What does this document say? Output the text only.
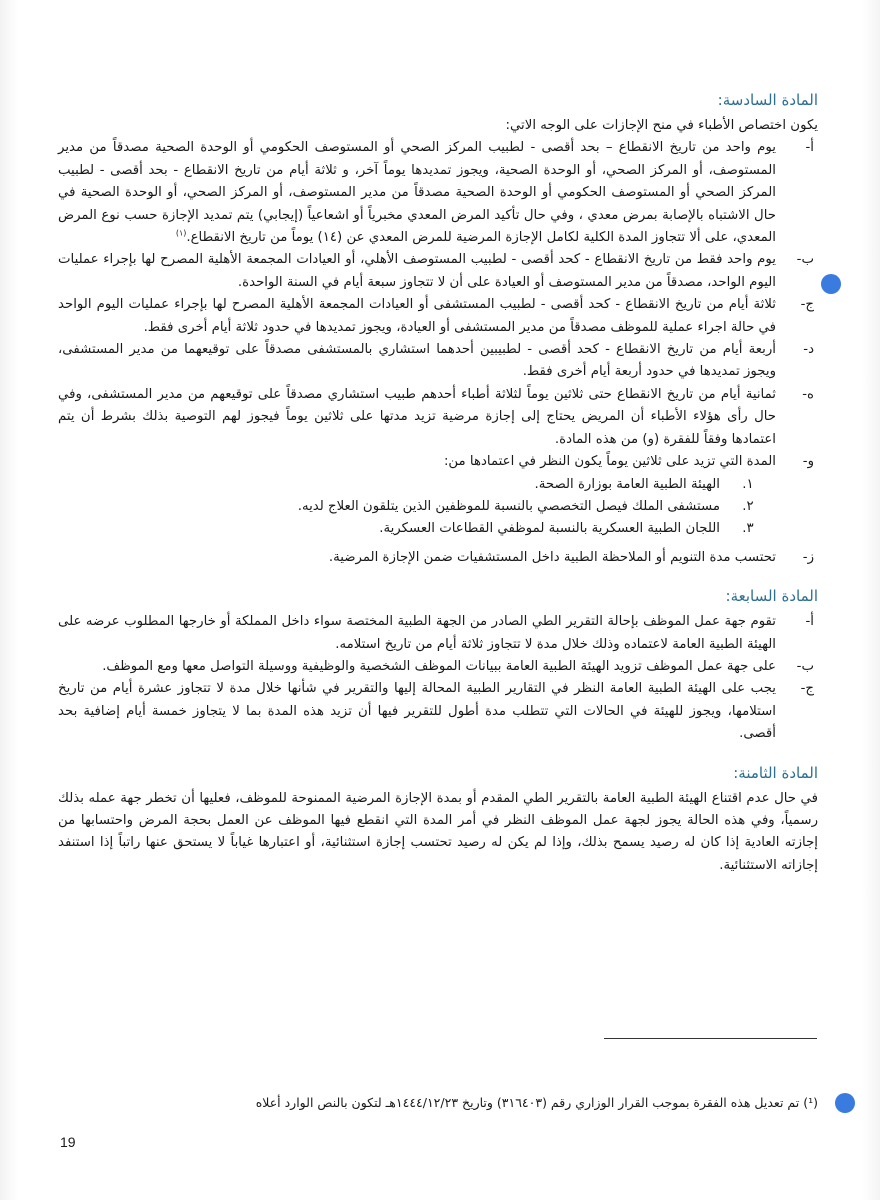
المادة السادسة:

يكون اختصاص الأطباء في منح الإجازات على الوجه الاتي:

أ-
يوم واحد من تاريخ الانقطاع – بحد أقصى - لطبيب المركز الصحي أو المستوصف الحكومي أو الوحدة الصحية مصدقاً من مدير المستوصف، أو المركز الصحي، أو الوحدة الصحية، ويجوز تمديدها يوماً آخر، و ثلاثة أيام من تاريخ الانقطاع - بحد أقصى - لطبيب المركز الصحي أو المستوصف الحكومي أو الوحدة الصحية مصدقاً من مدير المستوصف، أو المركز الصحي، أو الوحدة الصحية في حال الاشتباه بالإصابة بمرض معدي ، وفي حال تأكيد المرض المعدي مخبرياً أو اشعاعياً (إيجابي) يتم تمديد الإجازة حسب نوع المرض المعدي، على ألا تتجاوز المدة الكلية لكامل الإجازة المرضية للمرض المعدي عن (١٤) يوماً من تاريخ الانقطاع.$^{(١)}$
ب-
يوم واحد فقط من تاريخ الانقطاع - كحد أقصى - لطبيب المستوصف الأهلي، أو العيادات المجمعة الأهلية المصرح لها بإجراء عمليات اليوم الواحد، مصدقاً من مدير المستوصف أو العيادة على أن لا تتجاوز سبعة أيام في السنة الواحدة.
ج-
ثلاثة أيام من تاريخ الانقطاع - كحد أقصى - لطبيب المستشفى أو العيادات المجمعة الأهلية المصرح لها بإجراء عمليات اليوم الواحد في حالة اجراء عملية للموظف مصدقاً من مدير المستشفى أو العيادة، ويجوز تمديدها في حدود ثلاثة أيام أخرى فقط.
د-
أربعة أيام من تاريخ الانقطاع - كحد أقصى - لطبيبين أحدهما استشاري بالمستشفى مصدقاً على توقيعهما من مدير المستشفى، ويجوز تمديدها في حدود أربعة أيام أخرى فقط.
ه-
ثمانية أيام من تاريخ الانقطاع حتى ثلاثين يوماً لثلاثة أطباء أحدهم طبيب استشاري مصدقاً على توقيعهم من مدير المستشفى، وفي حال رأى هؤلاء الأطباء أن المريض يحتاج إلى إجازة مرضية تزيد مدتها على ثلاثين يوماً فيجوز لهم التوصية بذلك بشرط أن يتم اعتمادها وفقاً للفقرة (و) من هذه المادة.
و-
المدة التي تزيد على ثلاثين يوماً يكون النظر في اعتمادها من:
١.
الهيئة الطبية العامة بوزارة الصحة.
٢.
مستشفى الملك فيصل التخصصي بالنسبة للموظفين الذين يتلقون العلاج لديه.
٣.
اللجان الطبية العسكرية بالنسبة لموظفي القطاعات العسكرية.
ز-
تحتسب مدة التنويم أو الملاحظة الطبية داخل المستشفيات ضمن الإجازة المرضية.
المادة السابعة:
أ-
تقوم جهة عمل الموظف بإحالة التقرير الطي الصادر من الجهة الطبية المختصة سواء داخل المملكة أو خارجها المطلوب عرضه على الهيئة الطبية العامة لاعتماده وذلك خلال مدة لا تتجاوز ثلاثة أيام من تاريخ استلامه.
ب-
على جهة عمل الموظف تزويد الهيئة الطبية العامة ببيانات الموظف الشخصية والوظيفية ووسيلة التواصل معها ومع الموظف.
ج-
يجب على الهيئة الطبية العامة النظر في التقارير الطبية المحالة إليها والتقرير في شأنها خلال مدة لا تتجاوز عشرة أيام من تاريخ استلامها، ويجوز للهيئة في الحالات التي تتطلب مدة أطول للتقرير فيها أن تزيد هذه المدة بما لا يتجاوز خمسة أيام إضافية بحد أقصى.
المادة الثامنة:

في حال عدم اقتناع الهيئة الطبية العامة بالتقرير الطي المقدم أو بمدة الإجازة المرضية الممنوحة للموظف، فعليها أن تخطر جهة عمله بذلك رسمياً، وفي هذه الحالة يجوز لجهة عمل الموظف النظر في أمر المدة التي انقطع فيها الموظف عن العمل بحجة المرض واحتسابها من إجازته العادية إذا كان له رصيد يسمح بذلك، وإذا لم يكن له رصيد تحتسب إجازة استثنائية، أو اعتبارها غياباً لا يستحق عنها راتباً إذا استنفد إجازاته الاستثنائية.

(¹) تم تعديل هذه الفقرة بموجب القرار الوزاري رقم (٣١٦٤٠٣) وتاريخ ١٤٤٤/١٢/٢٣هـ لتكون بالنص الوارد أعلاه
19
